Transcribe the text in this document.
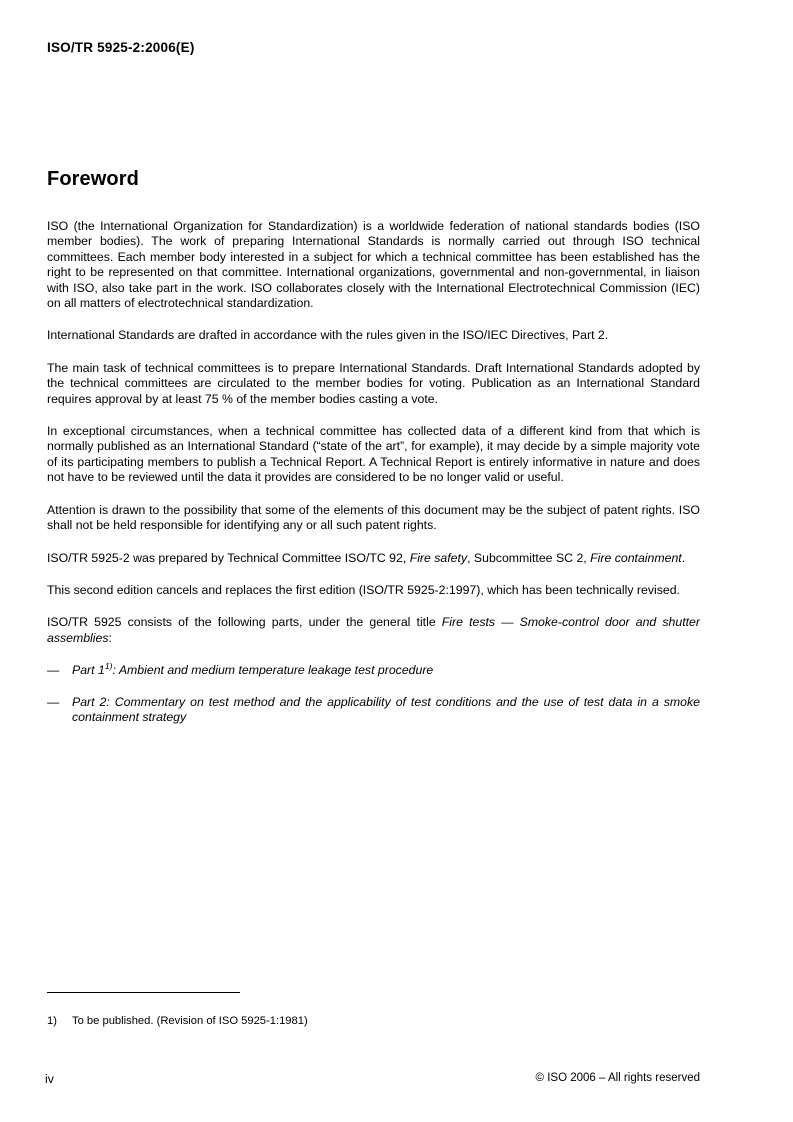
ISO/TR 5925-2:2006(E)
Foreword

ISO (the International Organization for Standardization) is a worldwide federation of national standards bodies (ISO member bodies). The work of preparing International Standards is normally carried out through ISO technical committees. Each member body interested in a subject for which a technical committee has been established has the right to be represented on that committee. International organizations, governmental and non-governmental, in liaison with ISO, also take part in the work. ISO collaborates closely with the International Electrotechnical Commission (IEC) on all matters of electrotechnical standardization.

International Standards are drafted in accordance with the rules given in the ISO/IEC Directives, Part 2.

The main task of technical committees is to prepare International Standards. Draft International Standards adopted by the technical committees are circulated to the member bodies for voting. Publication as an International Standard requires approval by at least 75 % of the member bodies casting a vote.

In exceptional circumstances, when a technical committee has collected data of a different kind from that which is normally published as an International Standard (“state of the art”, for example), it may decide by a simple majority vote of its participating members to publish a Technical Report. A Technical Report is entirely informative in nature and does not have to be reviewed until the data it provides are considered to be no longer valid or useful.

Attention is drawn to the possibility that some of the elements of this document may be the subject of patent rights. ISO shall not be held responsible for identifying any or all such patent rights.

ISO/TR 5925-2 was prepared by Technical Committee ISO/TC 92, Fire safety, Subcommittee SC 2, Fire containment.

This second edition cancels and replaces the first edition (ISO/TR 5925-2:1997), which has been technically revised.

ISO/TR 5925 consists of the following parts, under the general title Fire tests — Smoke-control door and shutter assemblies:

— Part 1$^{1)}$: Ambient and medium temperature leakage test procedure
— Part 2: Commentary on test method and the applicability of test conditions and the use of test data in a smoke containment strategy
1) To be published. (Revision of ISO 5925-1:1981)
iv	© ISO 2006 – All rights reserved
